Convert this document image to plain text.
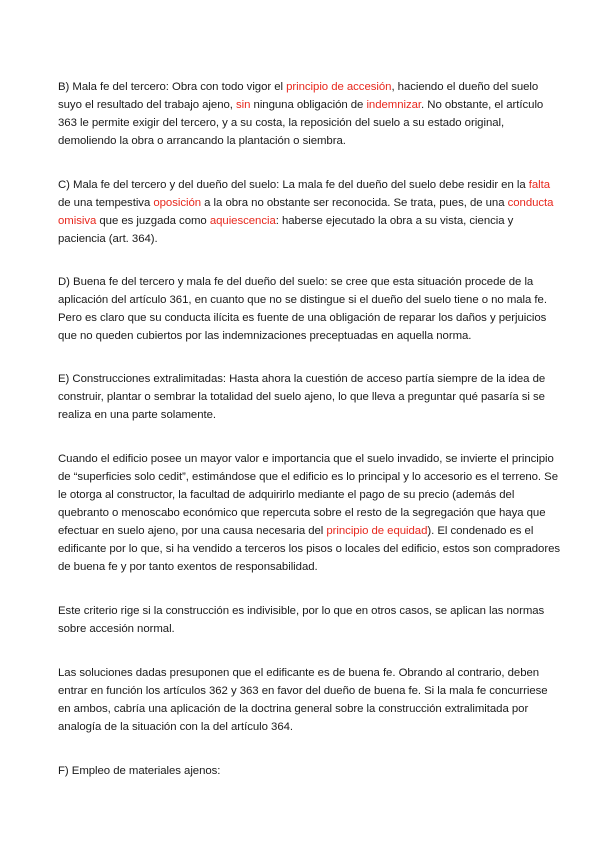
B) Mala fe del tercero: Obra con todo vigor el principio de accesión, haciendo el dueño del suelo suyo el resultado del trabajo ajeno, sin ninguna obligación de indemnizar. No obstante, el artículo 363 le permite exigir del tercero, y a su costa, la reposición del suelo a su estado original, demoliendo la obra o arrancando la plantación o siembra.

C) Mala fe del tercero y del dueño del suelo: La mala fe del dueño del suelo debe residir en la falta de una tempestiva oposición a la obra no obstante ser reconocida. Se trata, pues, de una conducta omisiva que es juzgada como aquiescencia: haberse ejecutado la obra a su vista, ciencia y paciencia (art. 364).

D) Buena fe del tercero y mala fe del dueño del suelo: se cree que esta situación procede de la aplicación del artículo 361, en cuanto que no se distingue si el dueño del suelo tiene o no mala fe. Pero es claro que su conducta ilícita es fuente de una obligación de reparar los daños y perjuicios que no queden cubiertos por las indemnizaciones preceptuadas en aquella norma.

E) Construcciones extralimitadas: Hasta ahora la cuestión de acceso partía siempre de la idea de construir, plantar o sembrar la totalidad del suelo ajeno, lo que lleva a preguntar qué pasaría si se realiza en una parte solamente.

Cuando el edificio posee un mayor valor e importancia que el suelo invadido, se invierte el principio de “superficies solo cedit”, estimándose que el edificio es lo principal y lo accesorio es el terreno. Se le otorga al constructor, la facultad de adquirirlo mediante el pago de su precio (además del quebranto o menoscabo económico que repercuta sobre el resto de la segregación que haya que efectuar en suelo ajeno, por una causa necesaria del principio de equidad). El condenado es el edificante por lo que, si ha vendido a terceros los pisos o locales del edificio, estos son compradores de buena fe y por tanto exentos de responsabilidad.

Este criterio rige si la construcción es indivisible, por lo que en otros casos, se aplican las normas sobre accesión normal.

Las soluciones dadas presuponen que el edificante es de buena fe. Obrando al contrario, deben entrar en función los artículos 362 y 363 en favor del dueño de buena fe. Si la mala fe concurriese en ambos, cabría una aplicación de la doctrina general sobre la construcción extralimitada por analogía de la situación con la del artículo 364.

F) Empleo de materiales ajenos:
